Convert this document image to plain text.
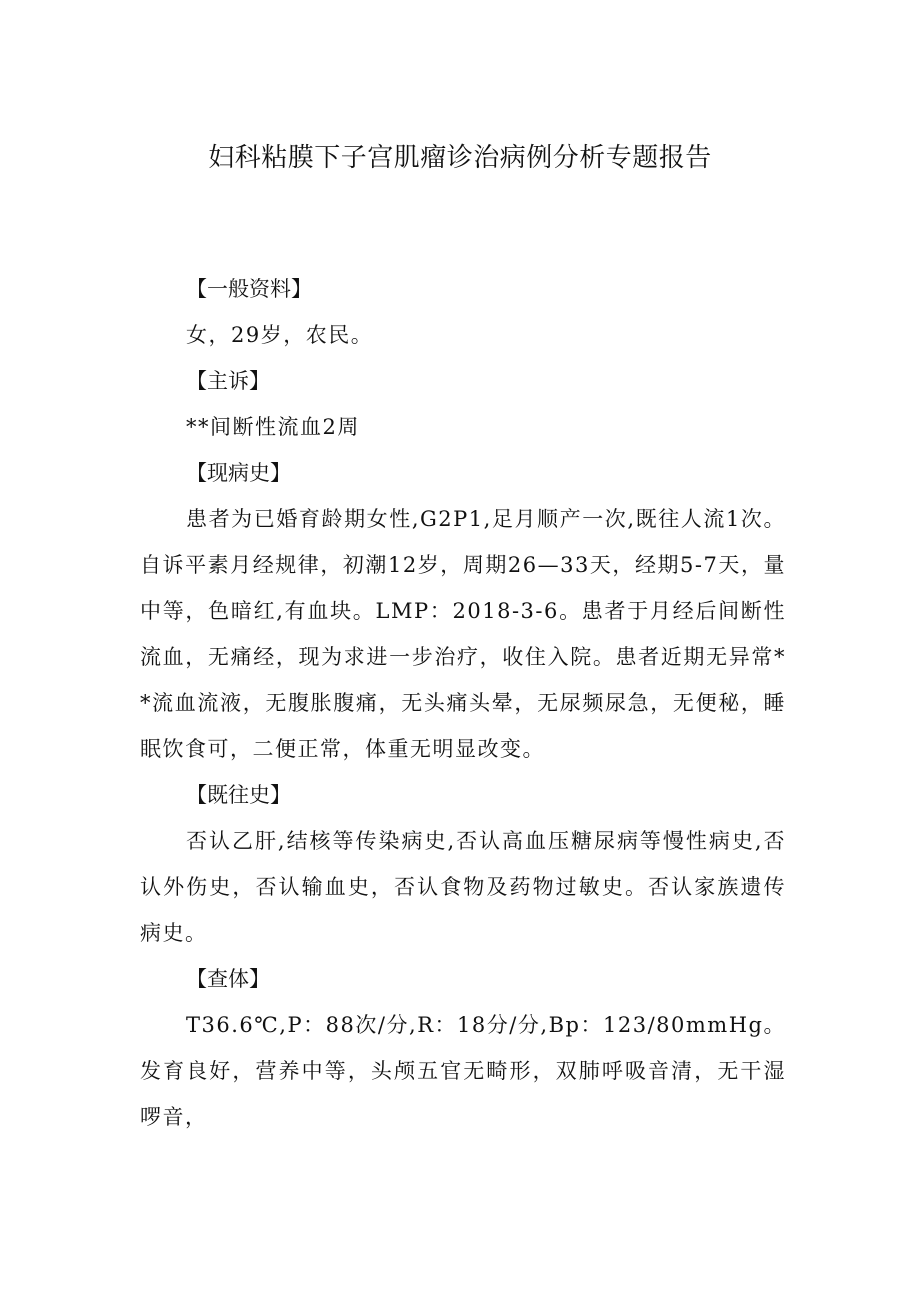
妇科粘膜下子宫肌瘤诊治病例分析专题报告
【一般资料】
女，29岁，农民。
【主诉】
**间断性流血2周
【现病史】

患者为已婚育龄期女性,G2P1,足月顺产一次,既往人流1次。自诉平素月经规律，初潮12岁，周期26—33天，经期5-7天，量中等，色暗红,有血块。LMP：2018-3-6。患者于月经后间断性流血，无痛经，现为求进一步治疗，收住入院。患者近期无异常**流血流液，无腹胀腹痛，无头痛头晕，无尿频尿急，无便秘，睡眠饮食可，二便正常，体重无明显改变。

【既往史】

否认乙肝,结核等传染病史,否认高血压糖尿病等慢性病史,否认外伤史，否认输血史，否认食物及药物过敏史。否认家族遗传病史。

【查体】

T36.6℃,P：88次/分,R：18分/分,Bp：123∕80mmHg。发育良好，营养中等，头颅五官无畸形，双肺呼吸音清，无干湿啰音，
